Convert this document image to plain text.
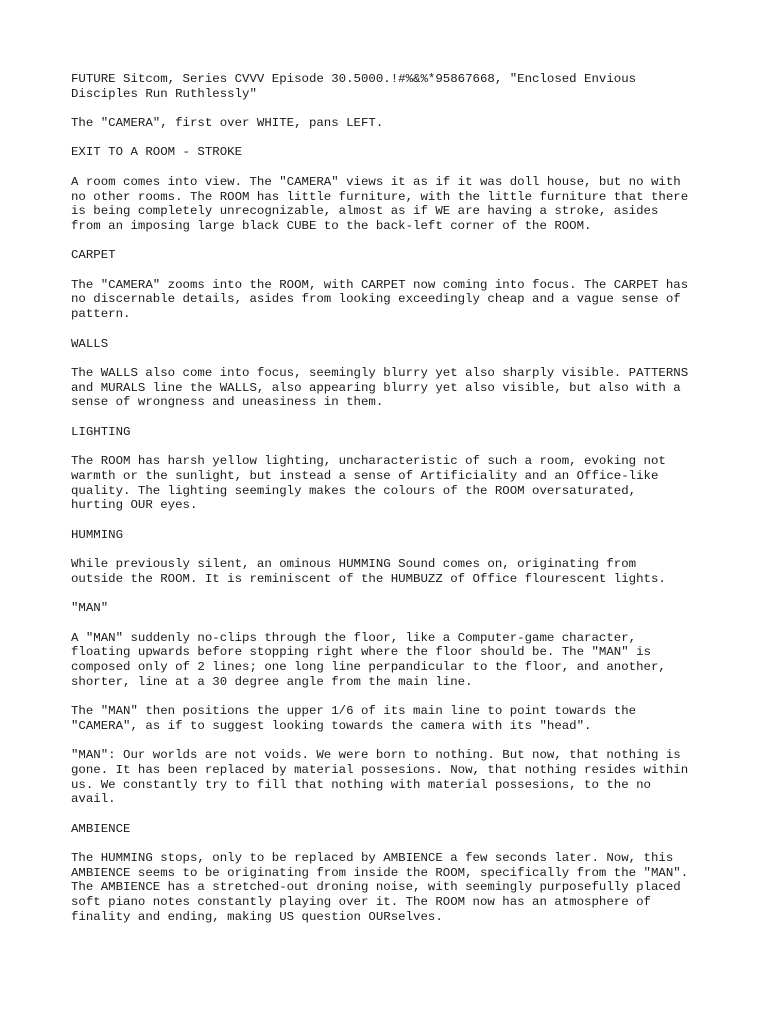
FUTURE Sitcom, Series CVVV Episode 30.5000.!#%&%*95867668, "Enclosed Envious
Disciples Run Ruthlessly"

The "CAMERA", first over WHITE, pans LEFT.

EXIT TO A ROOM - STROKE

A room comes into view. The "CAMERA" views it as if it was doll house, but no with
no other rooms. The ROOM has little furniture, with the little furniture that there
is being completely unrecognizable, almost as if WE are having a stroke, asides
from an imposing large black CUBE to the back-left corner of the ROOM.

CARPET

The "CAMERA" zooms into the ROOM, with CARPET now coming into focus. The CARPET has
no discernable details, asides from looking exceedingly cheap and a vague sense of
pattern.

WALLS

The WALLS also come into focus, seemingly blurry yet also sharply visible. PATTERNS
and MURALS line the WALLS, also appearing blurry yet also visible, but also with a
sense of wrongness and uneasiness in them.

LIGHTING

The ROOM has harsh yellow lighting, uncharacteristic of such a room, evoking not
warmth or the sunlight, but instead a sense of Artificiality and an Office-like
quality. The lighting seemingly makes the colours of the ROOM oversaturated,
hurting OUR eyes.

HUMMING

While previously silent, an ominous HUMMING Sound comes on, originating from
outside the ROOM. It is reminiscent of the HUMBUZZ of Office flourescent lights.

"MAN"

A "MAN" suddenly no-clips through the floor, like a Computer-game character,
floating upwards before stopping right where the floor should be. The "MAN" is
composed only of 2 lines; one long line perpandicular to the floor, and another,
shorter, line at a 30 degree angle from the main line.

The "MAN" then positions the upper 1/6 of its main line to point towards the
"CAMERA", as if to suggest looking towards the camera with its "head".

"MAN": Our worlds are not voids. We were born to nothing. But now, that nothing is
gone. It has been replaced by material possesions. Now, that nothing resides within
us. We constantly try to fill that nothing with material possesions, to the no
avail.

AMBIENCE

The HUMMING stops, only to be replaced by AMBIENCE a few seconds later. Now, this
AMBIENCE seems to be originating from inside the ROOM, specifically from the "MAN".
The AMBIENCE has a stretched-out droning noise, with seemingly purposefully placed
soft piano notes constantly playing over it. The ROOM now has an atmosphere of
finality and ending, making US question OURselves.
